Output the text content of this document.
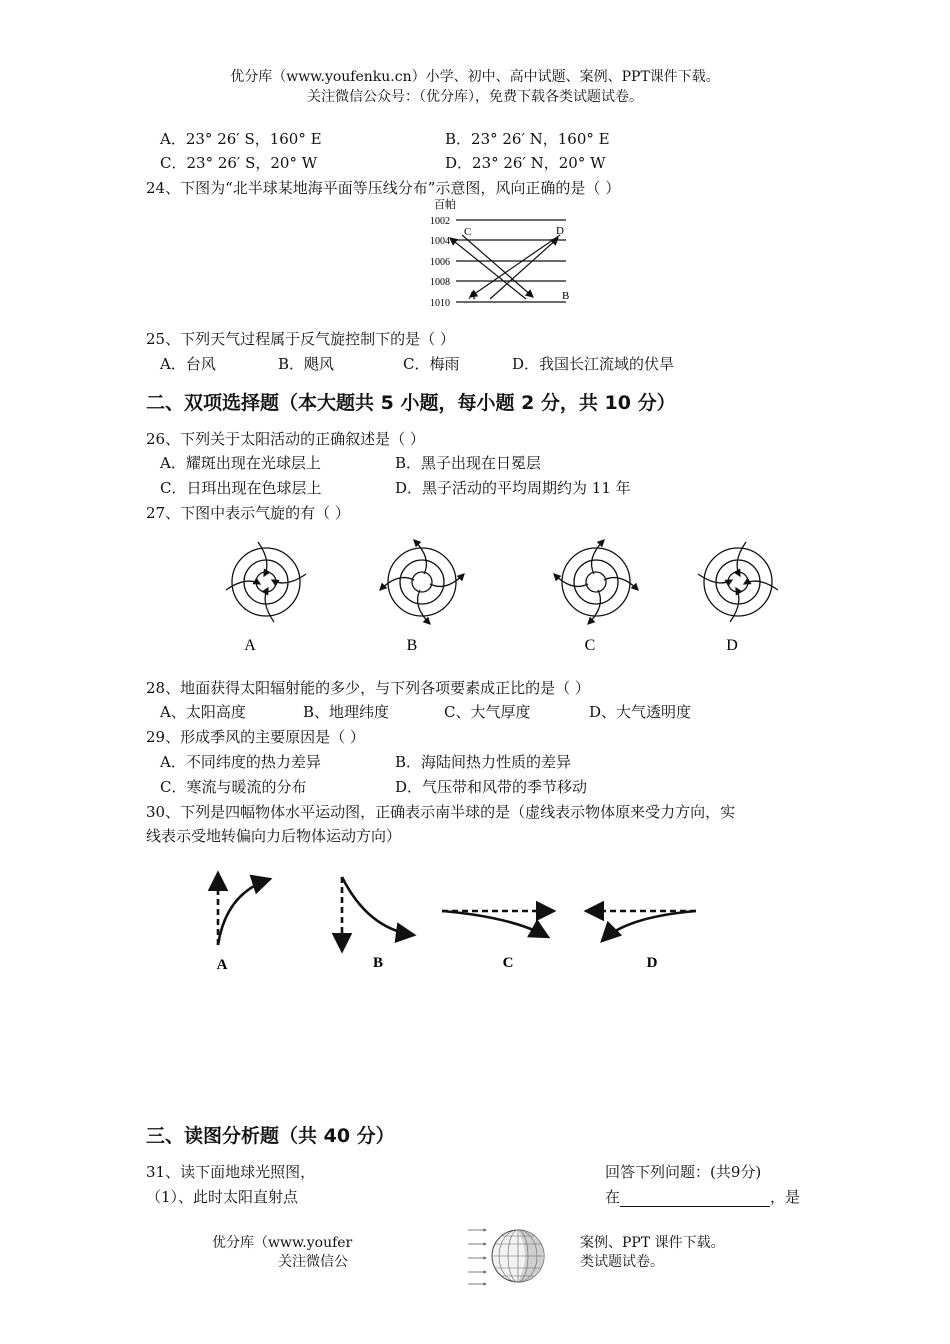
优分库（www.youfenku.cn）小学、初中、高中试题、案例、PPT课件下载。
关注微信公众号：（优分库），免费下载各类试题试卷。
A．23° 26′ S，160° E	B．23° 26′ N，160° E
C．23° 26′ S，20° W	D．23° 26′ N，20° W
24、下图为“北半球某地海平面等压线分布”示意图，风向正确的是（ ）
百帕
1002
1004
1006
1008
1010
C	D
A	B
25、下列天气过程属于反气旋控制下的是（ ）
A．台风	B．飓风	C．梅雨	D．我国长江流域的伏旱
二、双项选择题（本大题共 5 小题，每小题 2 分，共 10 分）
26、下列关于太阳活动的正确叙述是（ ）
A．耀斑出现在光球层上	B．黑子出现在日冕层
C．日珥出现在色球层上	D．黑子活动的平均周期约为 11 年
27、下图中表示气旋的有（ ）
A	B	C	D
28、地面获得太阳辐射能的多少，与下列各项要素成正比的是（ ）
A、太阳高度	B、地理纬度	C、大气厚度	D、大气透明度
29、形成季风的主要原因是（ ）
A．不同纬度的热力差异	B．海陆间热力性质的差异
C．寒流与暖流的分布	D．气压带和风带的季节移动
30、下列是四幅物体水平运动图，正确表示南半球的是（虚线表示物体原来受力方向，实
线表示受地转偏向力后物体运动方向）
A	B	C	D
三、读图分析题（共 40 分）
31、读下面地球光照图，	回答下列问题：(共9分)
（1）、此时太阳直射点	在	，是
优分库（www.youfer	案例、PPT 课件下载。
关注微信公	类试题试卷。
